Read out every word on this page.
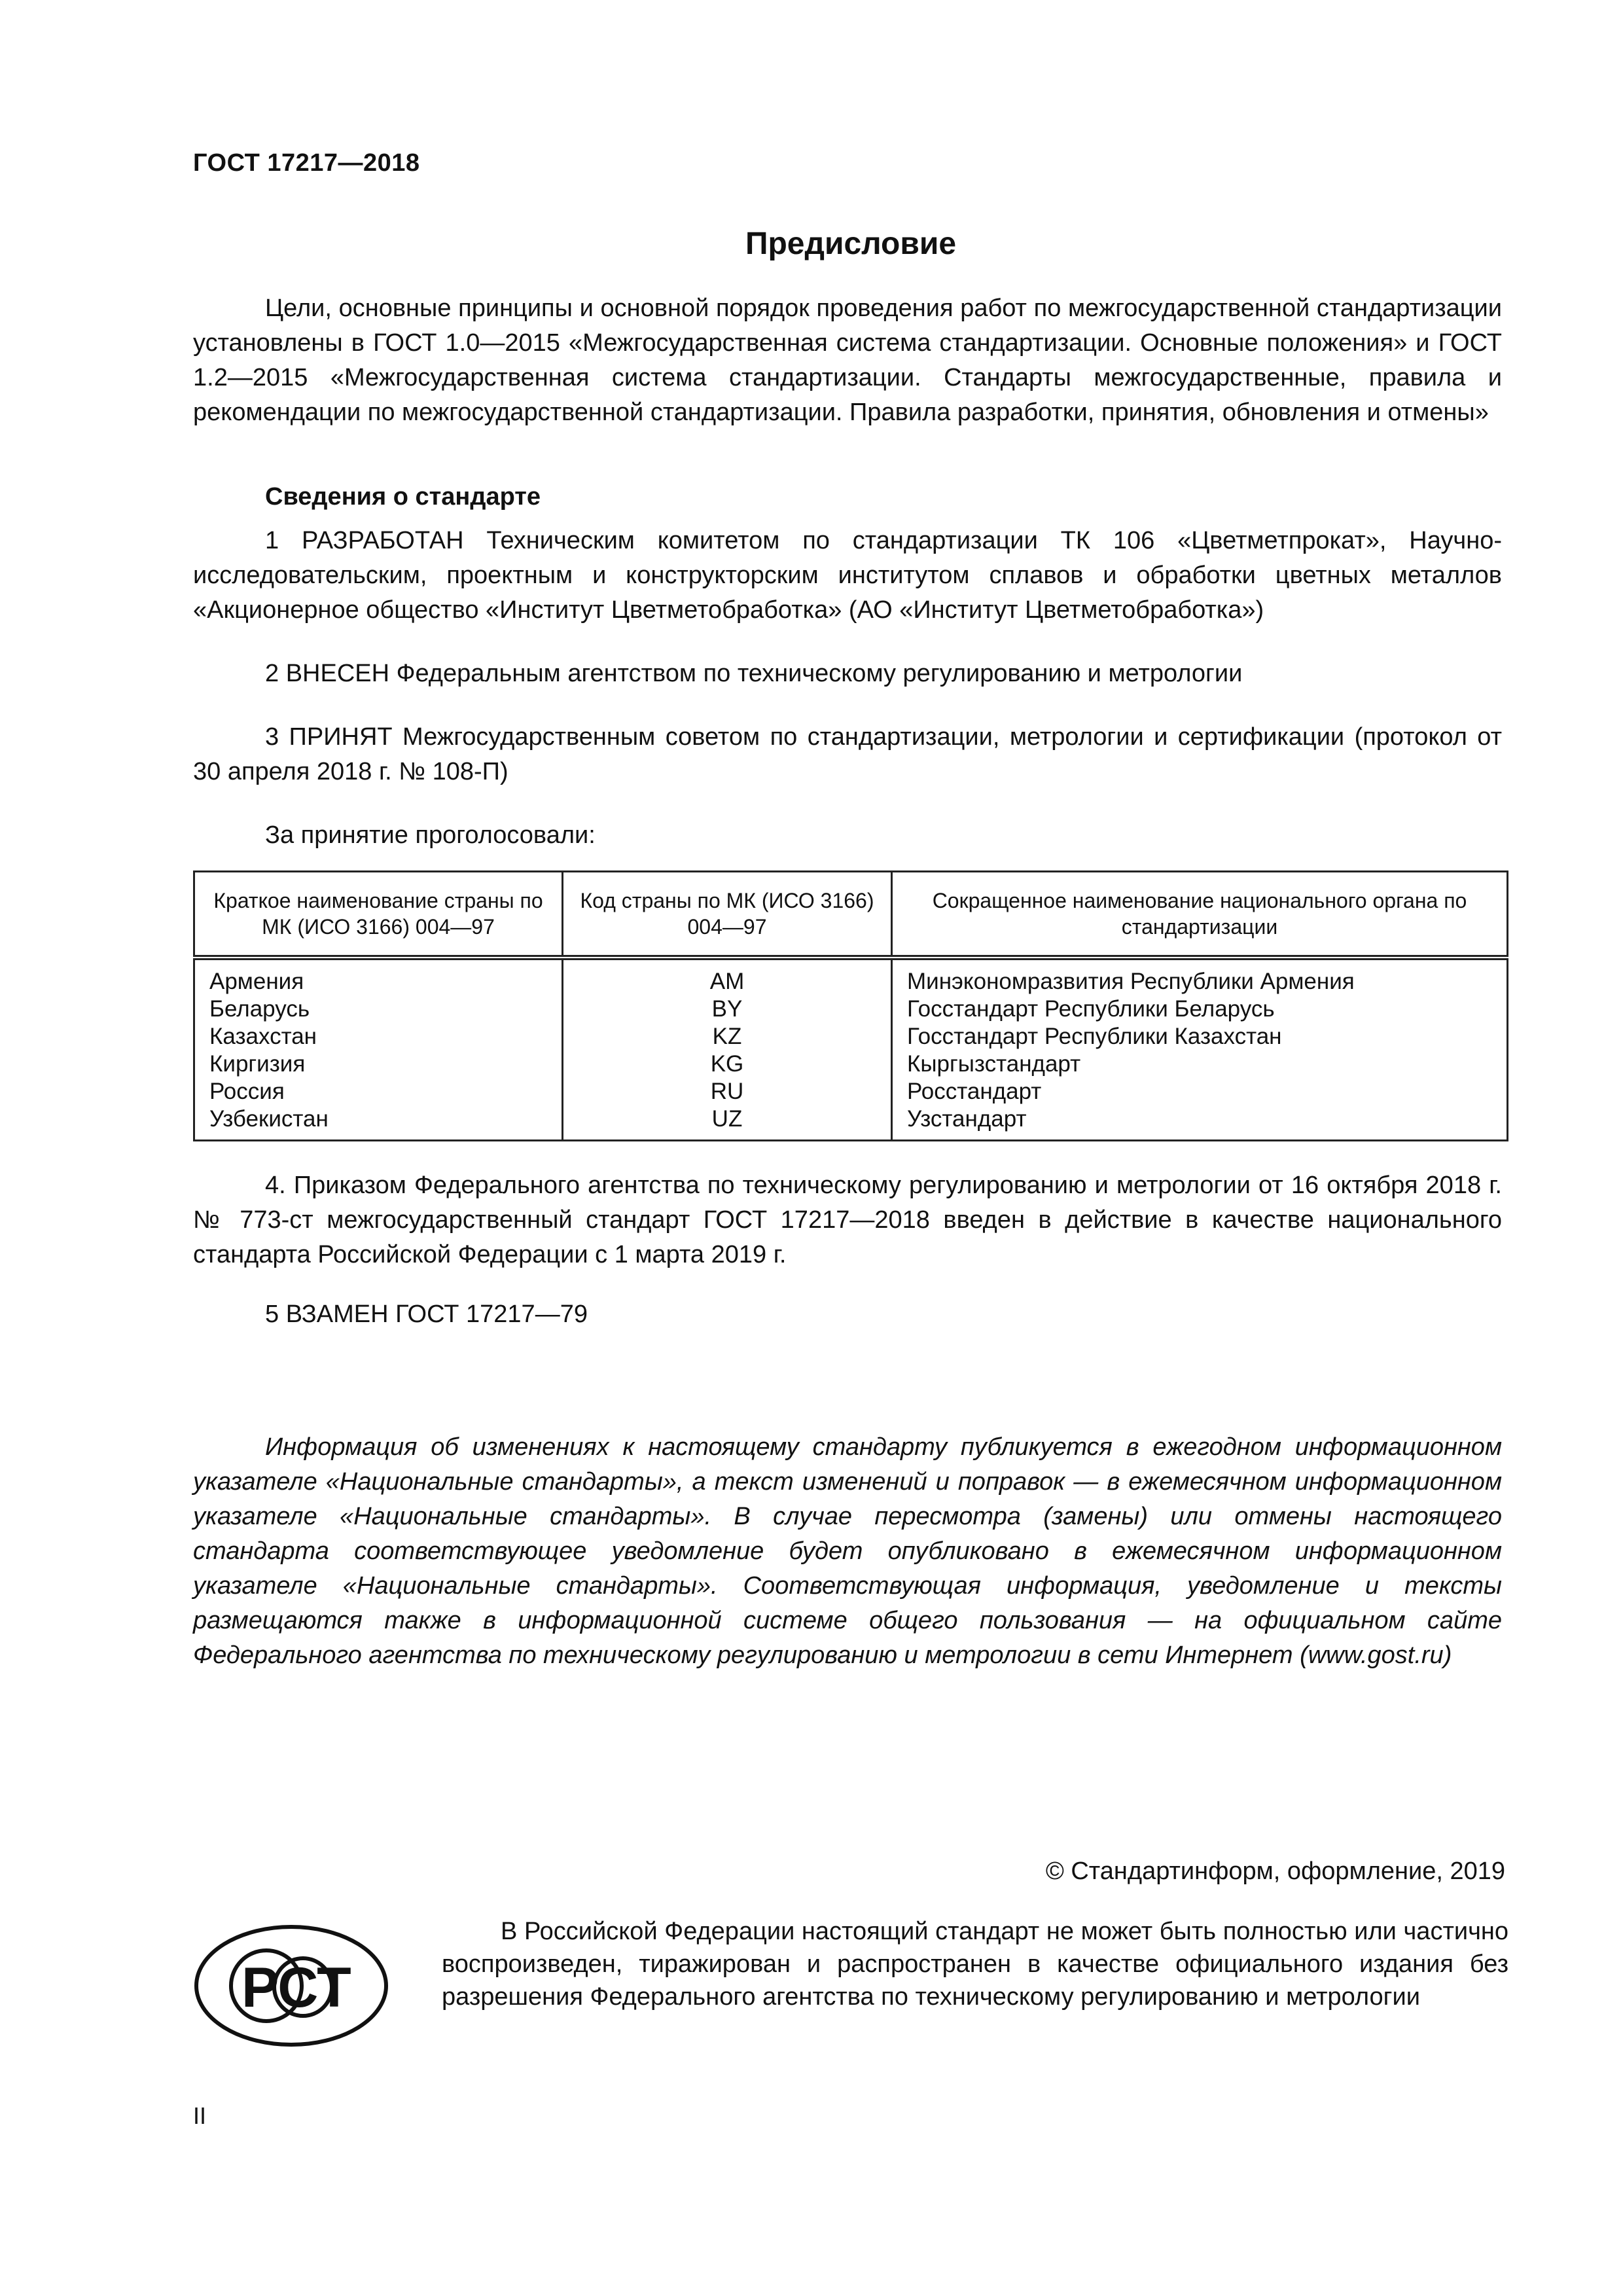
ГОСТ 17217—2018
Предисловие

Цели, основные принципы и основной порядок проведения работ по межгосударственной стандартизации установлены в ГОСТ 1.0—2015 «Межгосударственная система стандартизации. Основные положения» и ГОСТ 1.2—2015 «Межгосударственная система стандартизации. Стандарты межгосударственные, правила и рекомендации по межгосударственной стандартизации. Правила разработки, принятия, обновления и отмены»

Сведения о стандарте

1 РАЗРАБОТАН Техническим комитетом по стандартизации ТК 106 «Цветметпрокат», Научно-исследовательским, проектным и конструкторским институтом сплавов и обработки цветных металлов «Акционерное общество «Институт Цветметобработка» (АО «Институт Цветметобработка»)

2 ВНЕСЕН Федеральным агентством по техническому регулированию и метрологии

3 ПРИНЯТ Межгосударственным советом по стандартизации, метрологии и сертификации (протокол от 30 апреля 2018 г. № 108-П)

За принятие проголосовали:

Краткое наименование страны по МК (ИСО 3166) 004—97	Код страны по МК (ИСО 3166) 004—97	Сокращенное наименование национального органа по стандартизации
Армения	AM	Минэкономразвития Республики Армения
Беларусь	BY	Госстандарт Республики Беларусь
Казахстан	KZ	Госстандарт Республики Казахстан
Киргизия	KG	Кыргызстандарт
Россия	RU	Росстандарт
Узбекистан	UZ	Узстандарт

4. Приказом Федерального агентства по техническому регулированию и метрологии от 16 октября 2018 г. № 773-ст межгосударственный стандарт ГОСТ 17217—2018 введен в действие в качестве национального стандарта Российской Федерации с 1 марта 2019 г.

5 ВЗАМЕН ГОСТ 17217—79

Информация об изменениях к настоящему стандарту публикуется в ежегодном информационном указателе «Национальные стандарты», а текст изменений и поправок — в ежемесячном информационном указателе «Национальные стандарты». В случае пересмотра (замены) или отмены настоящего стандарта соответствующее уведомление будет опубликовано в ежемесячном информационном указателе «Национальные стандарты». Соответствующая информация, уведомление и тексты размещаются также в информационной системе общего пользования — на официальном сайте Федерального агентства по техническому регулированию и метрологии в сети Интернет (www.gost.ru)

© Стандартинформ, оформление, 2019
РСТ
В Российской Федерации настоящий стандарт не может быть полностью или частично воспроизведен, тиражирован и распространен в качестве официального издания без разрешения Федерального агентства по техническому регулированию и метрологии
II
